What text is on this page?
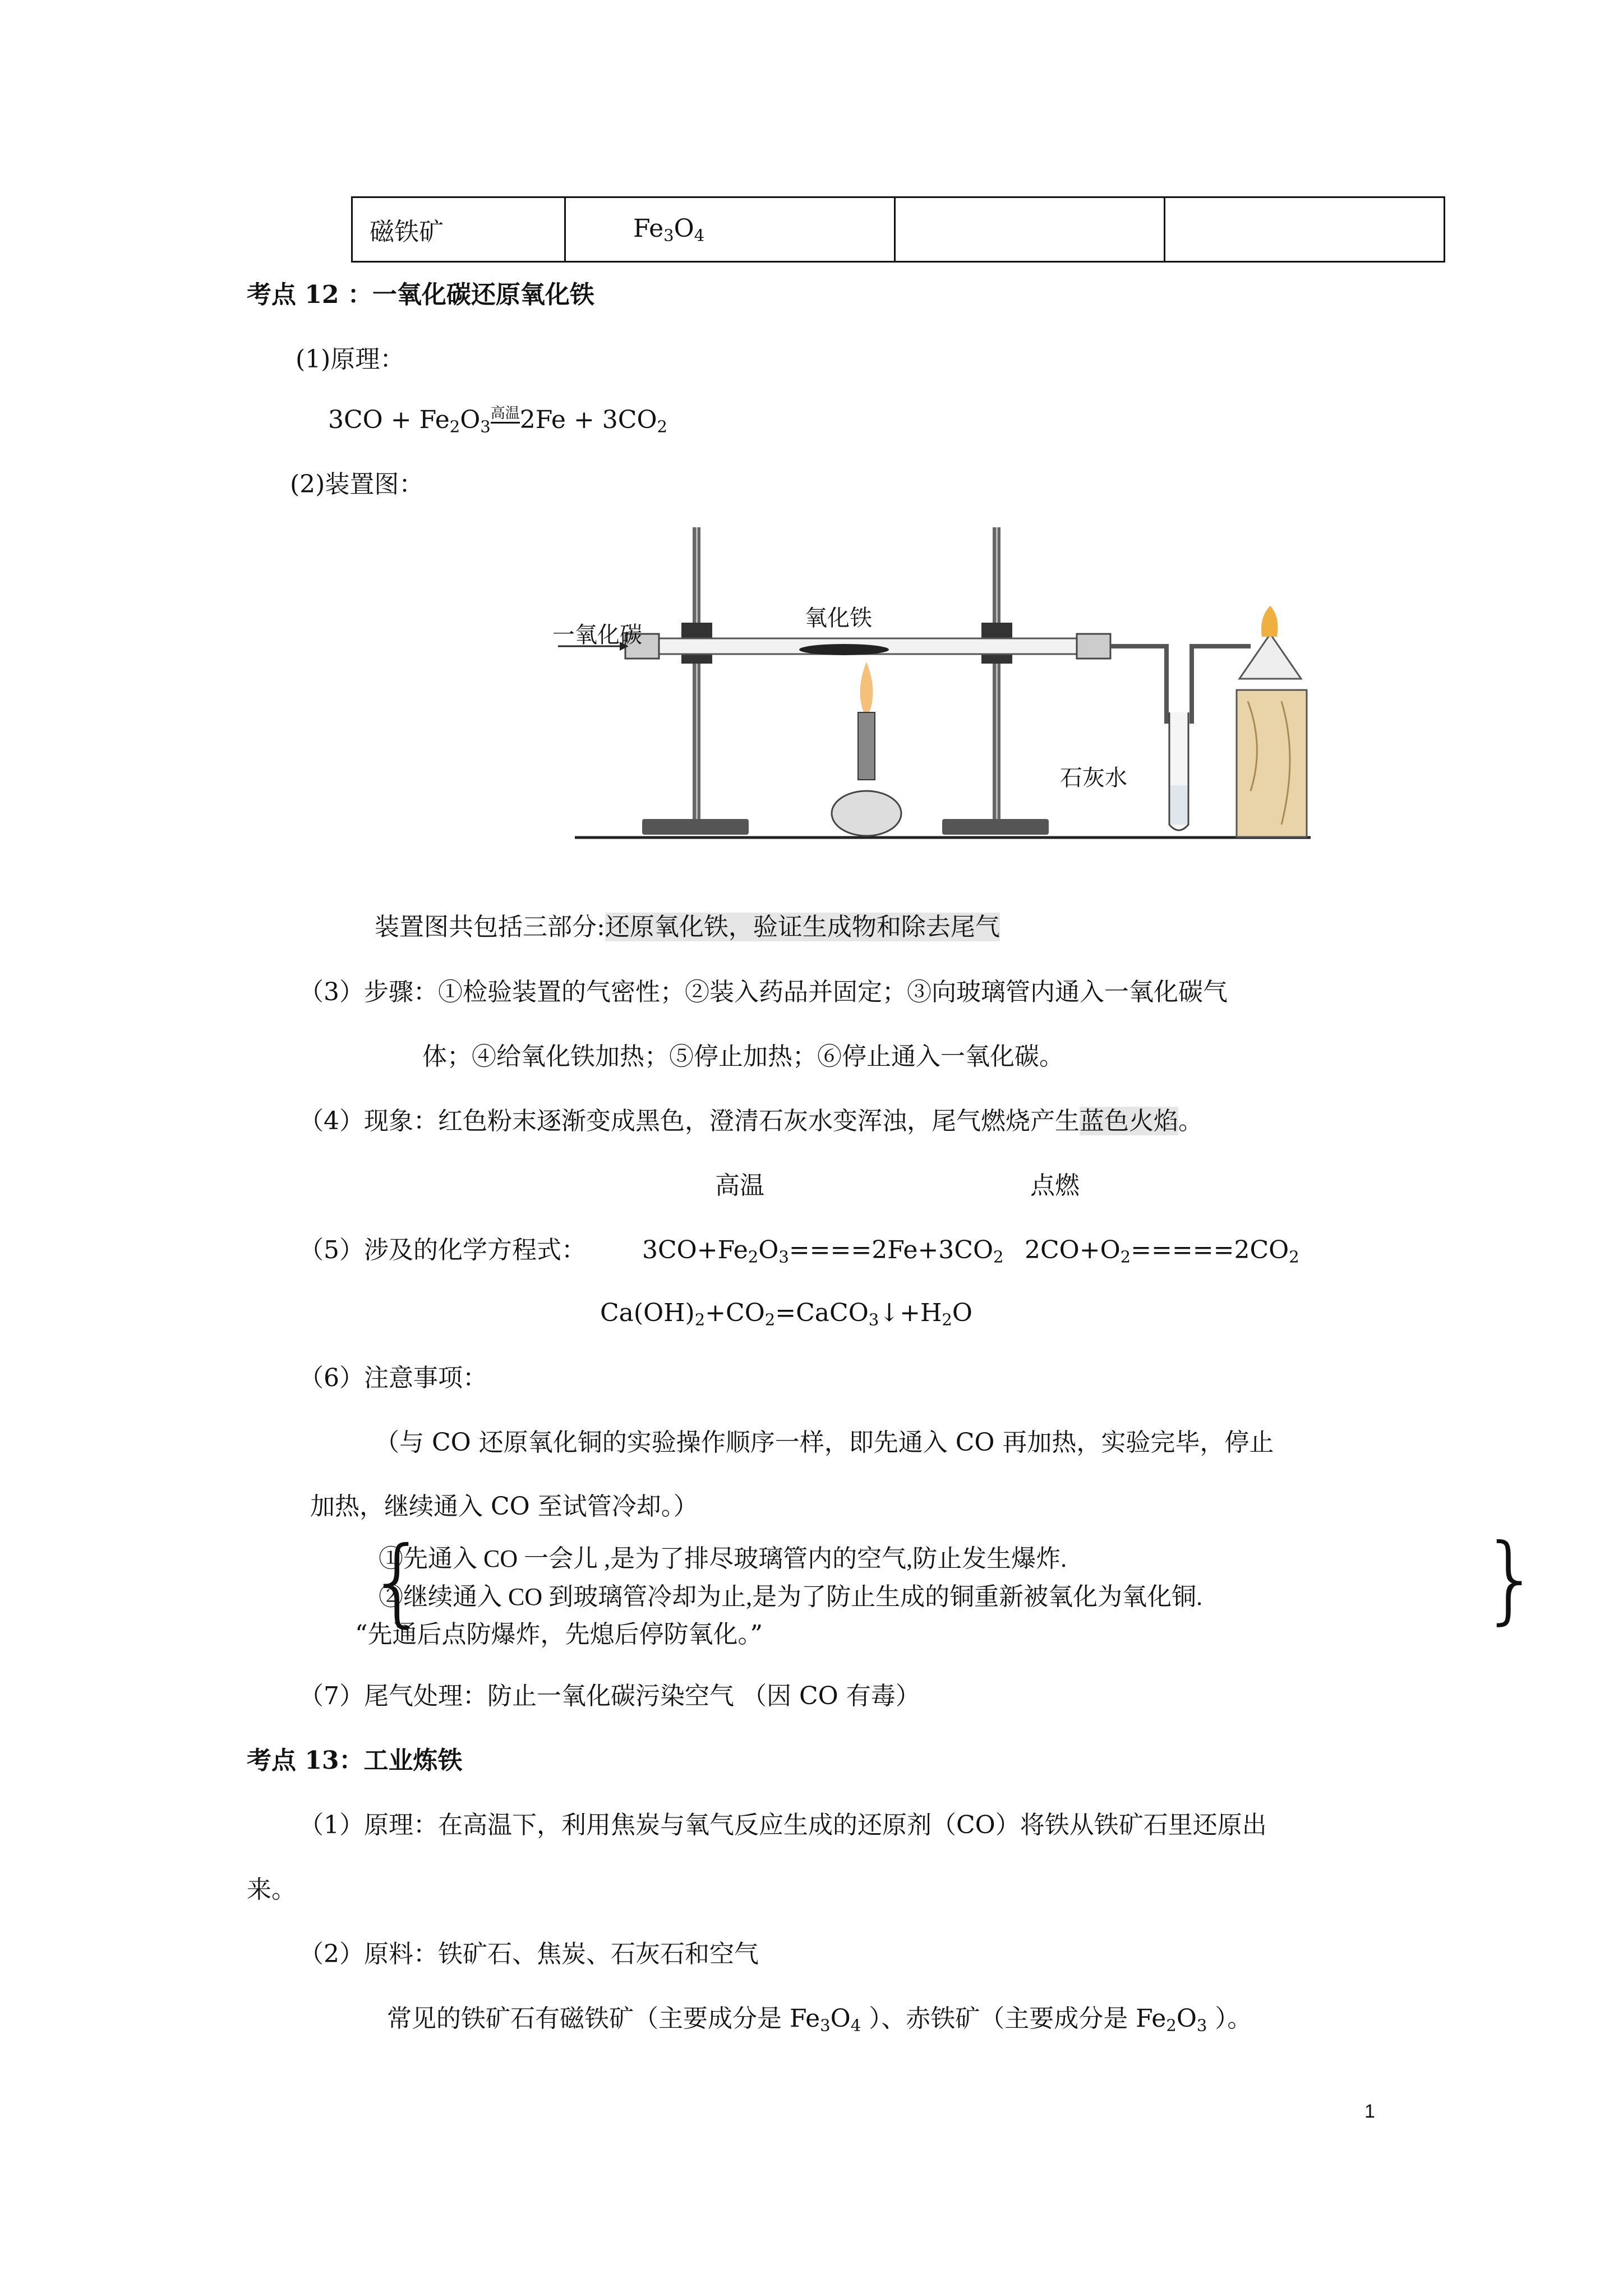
磁铁矿	$Fe_3O_4$		
考点 12 ：一氧化碳还原氧化铁
(1)原理：
$3CO + Fe_2O_3$高温$2Fe + 3CO_2$
(2)装置图：
一氧化碳
氧化铁
石灰水
装置图共包括三部分:还原氧化铁，验证生成物和除去尾气
（3）步骤：①检验装置的气密性；②装入药品并固定；③向玻璃管内通入一氧化碳气
体；④给氧化铁加热；⑤停止加热；⑥停止通入一氧化碳。
（4）现象：红色粉末逐渐变成黑色，澄清石灰水变浑浊，尾气燃烧产生蓝色火焰。
高温	点燃
（5）涉及的化学方程式： $3CO+Fe_2O_3====2Fe+3CO_2$ $2CO+O_2=====2CO_2$
$Ca(OH)_2+CO_2=CaCO_3↓+H_2O$
（6）注意事项：
（与 CO 还原氧化铜的实验操作顺序一样，即先通入 CO 再加热，实验完毕，停止
加热，继续通入 CO 至试管冷却。）
{
①先通入 CO 一会儿 ,是为了排尽玻璃管内的空气,防止发生爆炸.
②继续通入 CO 到玻璃管冷却为止,是为了防止生成的铜重新被氧化为氧化铜.	}
“先通后点防爆炸，先熄后停防氧化。”
（7）尾气处理：防止一氧化碳污染空气 （因 CO 有毒）
考点 13：工业炼铁
（1）原理：在高温下，利用焦炭与氧气反应生成的还原剂（CO）将铁从铁矿石里还原出
来。
（2）原料：铁矿石、焦炭、石灰石和空气
常见的铁矿石有磁铁矿（主要成分是 $Fe_3O_4$ ）、赤铁矿（主要成分是 $Fe_2O_3$ ）。
1
